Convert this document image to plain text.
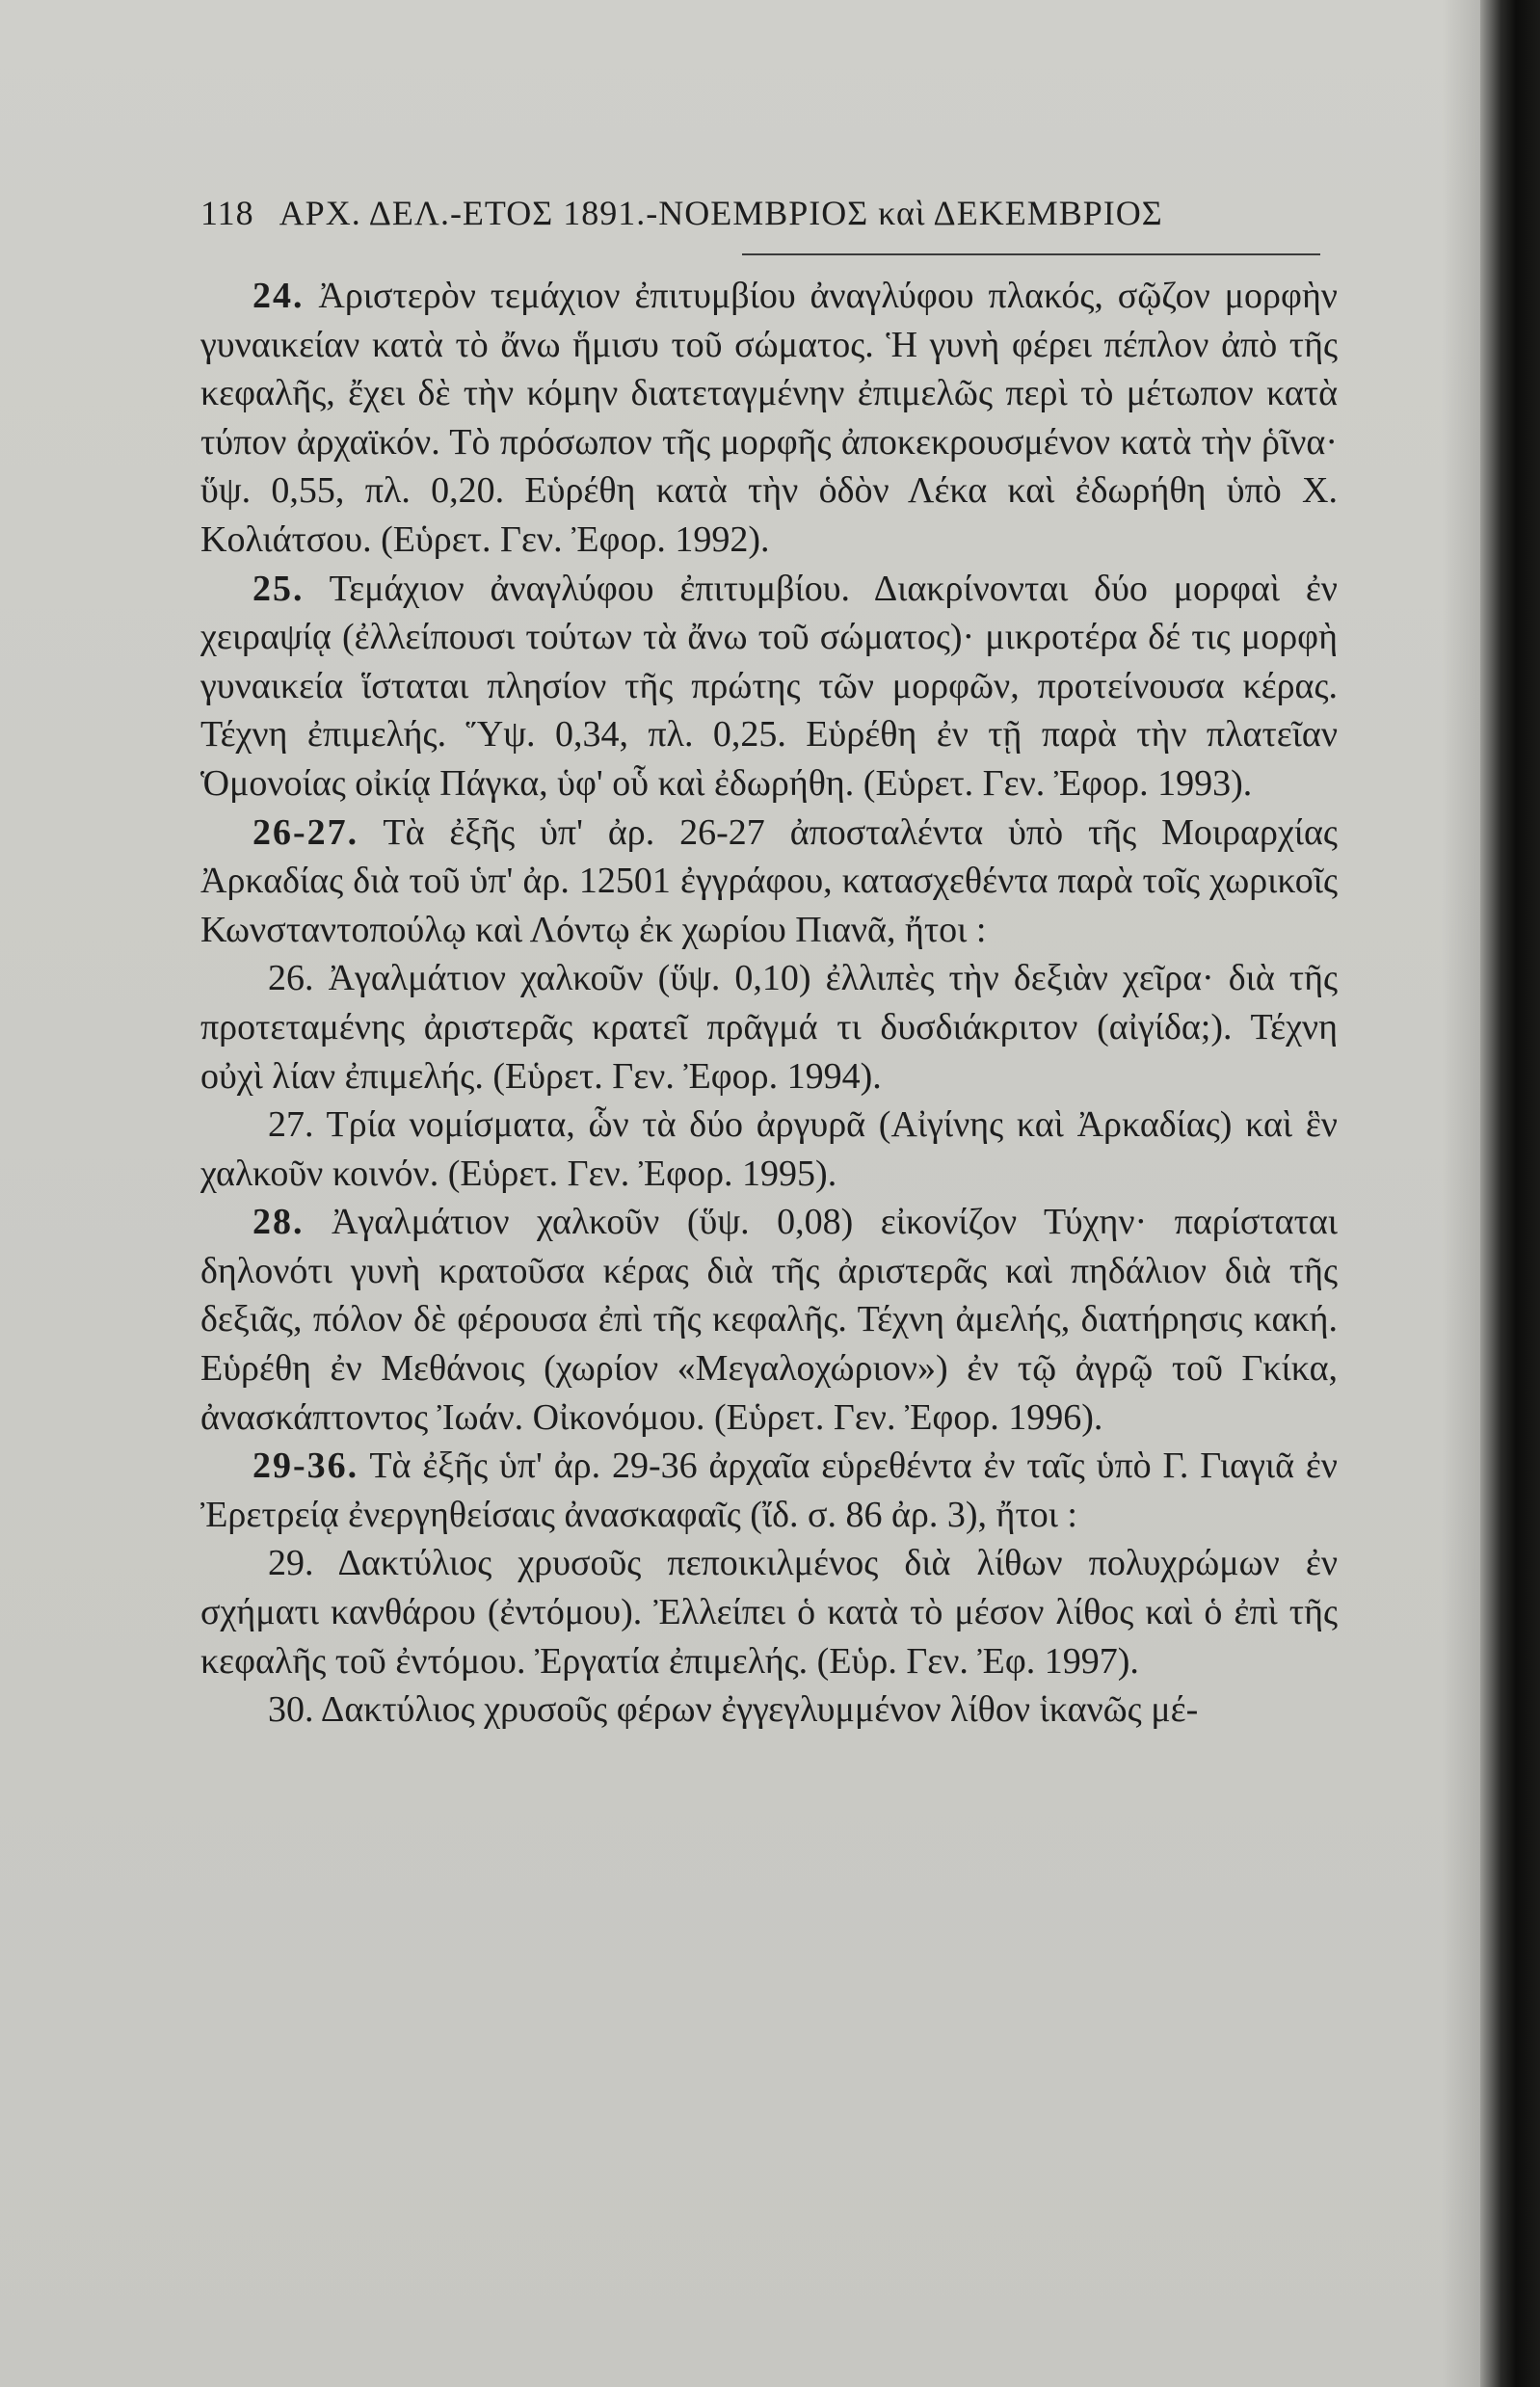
118 ΑΡΧ. ΔΕΛ.-ΕΤΟΣ 1891.-ΝΟΕΜΒΡΙΟΣ καὶ ΔΕΚΕΜΒΡΙΟΣ

24. Ἀριστερὸν τεμάχιον ἐπιτυμβίου ἀναγλύφου πλακός, σῷζον μορφὴν γυναικείαν κατὰ τὸ ἄνω ἥμισυ τοῦ σώματος. Ἡ γυνὴ φέρει πέπλον ἀπὸ τῆς κεφαλῆς, ἔχει δὲ τὴν κόμην διατεταγμένην ἐπιμελῶς περὶ τὸ μέτωπον κατὰ τύπον ἀρχαϊκόν. Τὸ πρόσωπον τῆς μορφῆς ἀποκεκρουσμένον κατὰ τὴν ῥῖνα· ὕψ. 0,55, πλ. 0,20. Εὑρέθη κατὰ τὴν ὁδὸν Λέκα καὶ ἐδωρήθη ὑπὸ Χ. Κολιάτσου. (Εὑρετ. Γεν. Ἐφορ. 1992).

25. Τεμάχιον ἀναγλύφου ἐπιτυμβίου. Διακρίνονται δύο μορφαὶ ἐν χειραψίᾳ (ἐλλείπουσι τούτων τὰ ἄνω τοῦ σώματος)· μικροτέρα δέ τις μορφὴ γυναικεία ἵσταται πλησίον τῆς πρώτης τῶν μορφῶν, προτείνουσα κέρας. Τέχνη ἐπιμελής. Ὕψ. 0,34, πλ. 0,25. Εὑρέθη ἐν τῇ παρὰ τὴν πλατεῖαν Ὁμονοίας οἰκίᾳ Πάγκα, ὑφ' οὗ καὶ ἐδωρήθη. (Εὑρετ. Γεν. Ἐφορ. 1993).

26-27. Τὰ ἐξῆς ὑπ' ἀρ. 26-27 ἀποσταλέντα ὑπὸ τῆς Μοιραρχίας Ἀρκαδίας διὰ τοῦ ὑπ' ἀρ. 12501 ἐγγράφου, κατασχεθέντα παρὰ τοῖς χωρικοῖς Κωνσταντοπούλῳ καὶ Λόντῳ ἐκ χωρίου Πιανᾶ, ἤτοι :

26. Ἀγαλμάτιον χαλκοῦν (ὕψ. 0,10) ἐλλιπὲς τὴν δεξιὰν χεῖρα· διὰ τῆς προτεταμένης ἀριστερᾶς κρατεῖ πρᾶγμά τι δυσδιάκριτον (αἰγίδα;). Τέχνη οὐχὶ λίαν ἐπιμελής. (Εὑρετ. Γεν. Ἐφορ. 1994).

27. Τρία νομίσματα, ὧν τὰ δύο ἀργυρᾶ (Αἰγίνης καὶ Ἀρκαδίας) καὶ ἓν χαλκοῦν κοινόν. (Εὑρετ. Γεν. Ἐφορ. 1995).

28. Ἀγαλμάτιον χαλκοῦν (ὕψ. 0,08) εἰκονίζον Τύχην· παρίσταται δηλονότι γυνὴ κρατοῦσα κέρας διὰ τῆς ἀριστερᾶς καὶ πηδάλιον διὰ τῆς δεξιᾶς, πόλον δὲ φέρουσα ἐπὶ τῆς κεφαλῆς. Τέχνη ἀμελής, διατήρησις κακή. Εὑρέθη ἐν Μεθάνοις (χωρίον «Μεγαλοχώριον») ἐν τῷ ἀγρῷ τοῦ Γκίκα, ἀνασκάπτοντος Ἰωάν. Οἰκονόμου. (Εὑρετ. Γεν. Ἐφορ. 1996).

29-36. Τὰ ἐξῆς ὑπ' ἀρ. 29-36 ἀρχαῖα εὑρεθέντα ἐν ταῖς ὑπὸ Γ. Γιαγιᾶ ἐν Ἐρετρείᾳ ἐνεργηθείσαις ἀνασκαφαῖς (ἴδ. σ. 86 ἀρ. 3), ἤτοι :

29. Δακτύλιος χρυσοῦς πεποικιλμένος διὰ λίθων πολυχρώμων ἐν σχήματι κανθάρου (ἐντόμου). Ἐλλείπει ὁ κατὰ τὸ μέσον λίθος καὶ ὁ ἐπὶ τῆς κεφαλῆς τοῦ ἐντόμου. Ἐργατία ἐπιμελής. (Εὑρ. Γεν. Ἐφ. 1997).

30. Δακτύλιος χρυσοῦς φέρων ἐγγεγλυμμένον λίθον ἱκανῶς μέ-
